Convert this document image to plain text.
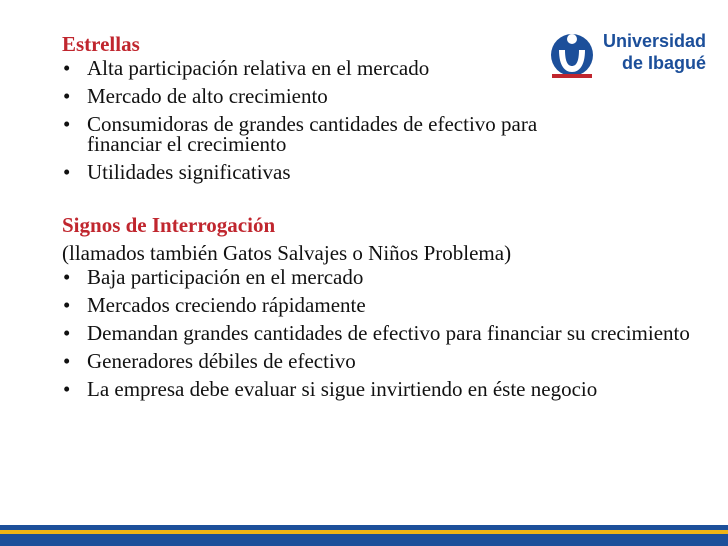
Universidad
de Ibagué
Estrellas
• Alta participación relativa en el mercado
• Mercado de alto crecimiento
• Consumidoras de grandes cantidades de efectivo para financiar el crecimiento
• Utilidades significativas
Signos de Interrogación
(llamados también Gatos Salvajes o Niños Problema)
• Baja participación en el mercado
• Mercados creciendo rápidamente
• Demandan grandes cantidades de efectivo para financiar su crecimiento
• Generadores débiles de efectivo
• La empresa debe evaluar si sigue invirtiendo en éste negocio
